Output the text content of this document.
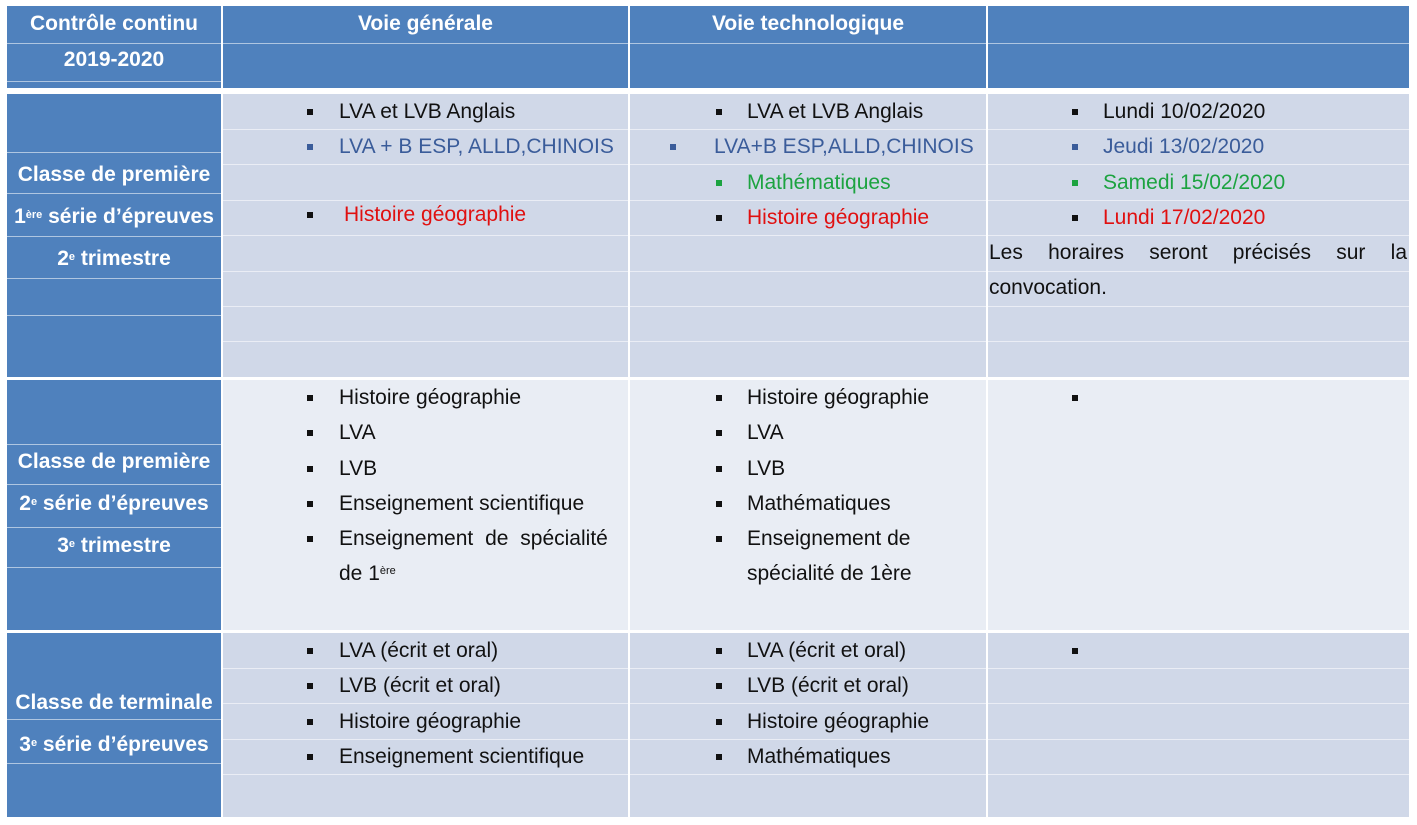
Contrôle continu
2019-2020
Voie générale	Voie technologique
Classe de première
1ère série d’épreuves
2e trimestre
LVA et LVB Anglais
LVA + B ESP, ALLD,CHINOIS
Histoire géographie
LVA et LVB Anglais
LVA+B ESP,ALLD,CHINOIS
Mathématiques
Histoire géographie
Lundi 10/02/2020
Jeudi 13/02/2020
Samedi 15/02/2020
Lundi 17/02/2020
Les horaires seront précisés sur la convocation.
Classe de première
2e série d’épreuves
3e trimestre
Histoire géographie
LVA
LVB
Enseignement scientifique
Enseignement de spécialité
de 1ère
Histoire géographie
LVA
LVB
Mathématiques
Enseignement de
spécialité de 1ère
Classe de terminale
3e série d’épreuves
LVA (écrit et oral)
LVB (écrit et oral)
Histoire géographie
Enseignement scientifique
LVA (écrit et oral)
LVB (écrit et oral)
Histoire géographie
Mathématiques
